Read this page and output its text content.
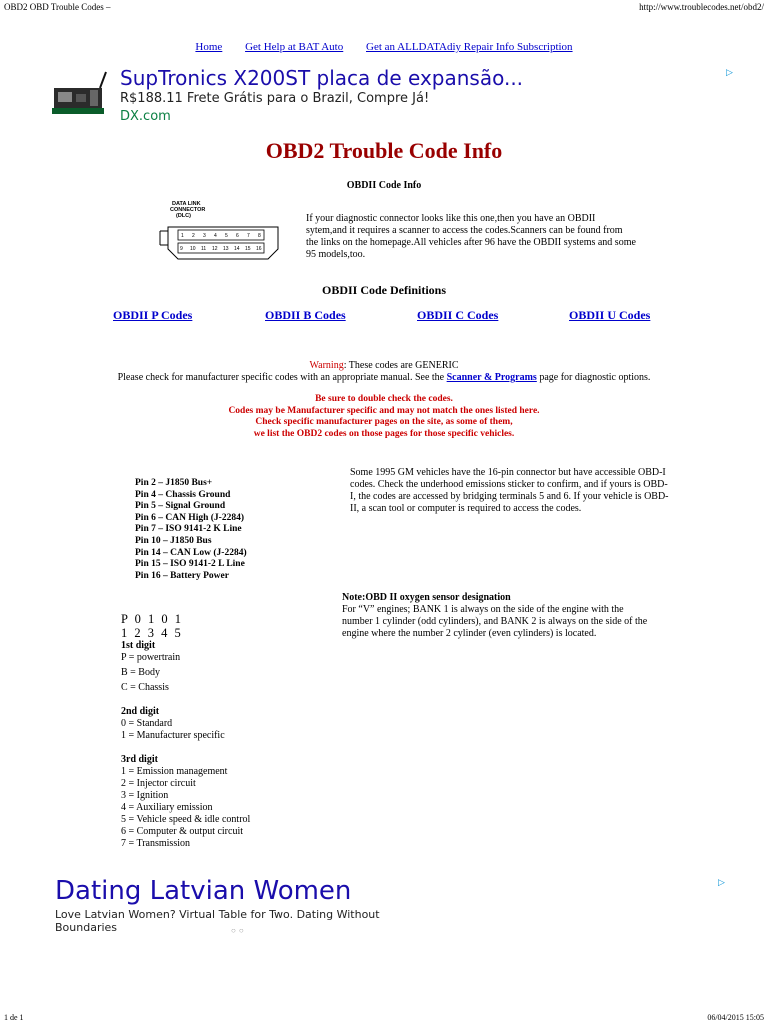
OBD2 OBD Trouble Codes –	http://www.troublecodes.net/obd2/
Home Get Help at BAT Auto Get an ALLDATAdiy Repair Info Subscription
SupTronics X200ST placa de expansão...
R$188.11 Frete Grátis para o Brazil, Compre Já!
DX.com
▷
OBD2 Trouble Code Info
OBDII Code Info
DATA LINK
CONNECTOR
(DLC)
1 2 3 4 5 6 7 8
9 10 11 12 13 14 15 16
If your diagnostic connector looks like this one,then you have an OBDII sytem,and it requires a scanner to access the codes.Scanners can be found from the links on the homepage.All vehicles after 96 have the OBDII systems and some 95 models,too.
OBDII Code Definitions
OBDII P Codes	OBDII B Codes	OBDII C Codes	OBDII U Codes
Warning: These codes are GENERIC
Please check for manufacturer specific codes with an appropriate manual. See the Scanner & Programs page for diagnostic options.
Be sure to double check the codes.
Codes may be Manufacturer specific and may not match the ones listed here.
Check specific manufacturer pages on the site, as some of them,
we list the OBD2 codes on those pages for those specific vehicles.
Pin 2 – J1850 Bus+
Pin 4 – Chassis Ground
Pin 5 – Signal Ground
Pin 6 – CAN High (J-2284)
Pin 7 – ISO 9141-2 K Line
Pin 10 – J1850 Bus
Pin 14 – CAN Low (J-2284)
Pin 15 – ISO 9141-2 L Line
Pin 16 – Battery Power
Some 1995 GM vehicles have the 16-pin connector but have accessible OBD-I codes. Check the underhood emissions sticker to confirm, and if yours is OBD-I, the codes are accessed by bridging terminals 5 and 6. If your vehicle is OBD-II, a scan tool or computer is required to access the codes.
Note:OBD II oxygen sensor designation
For “V” engines; BANK 1 is always on the side of the engine with the number 1 cylinder (odd cylinders), and BANK 2 is always on the side of the engine where the number 2 cylinder (even cylinders) is located.
P 0 1 0 1
1 2 3 4 5
1st digit
P = powertrain
B = Body
C = Chassis
2nd digit
0 = Standard
1 = Manufacturer specific
3rd digit
1 = Emission management
2 = Injector circuit
3 = Ignition
4 = Auxiliary emission
5 = Vehicle speed & idle control
6 = Computer & output circuit
7 = Transmission
Dating Latvian Women
Love Latvian Women? Virtual Table for Two. Dating Without Boundaries
▷
○○
1 de 1	06/04/2015 15:05
